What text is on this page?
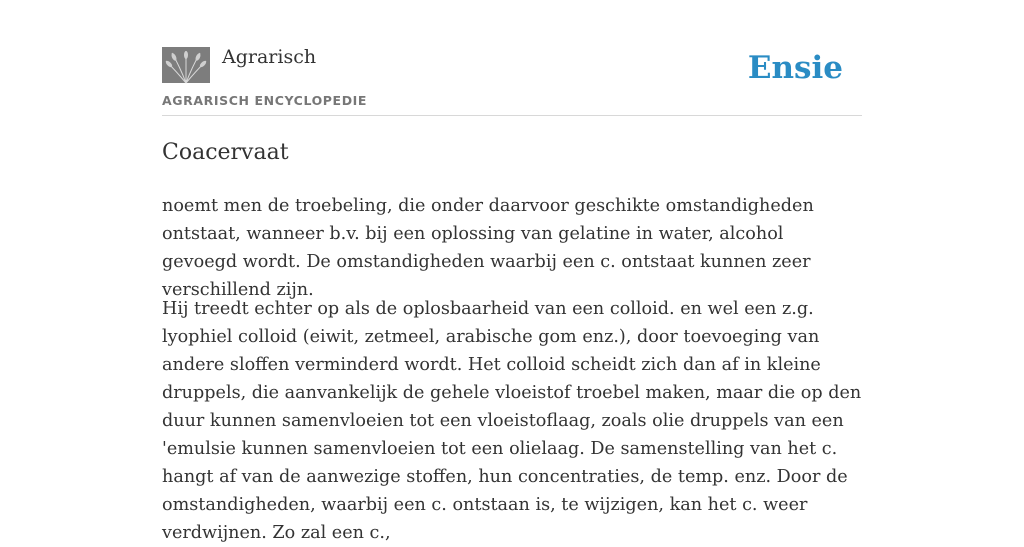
Agrarisch
AGRARISCH ENCYCLOPEDIE
Ensie
Coacervaat

noemt men de troebeling, die onder daarvoor geschikte omstandigheden ontstaat, wanneer b.v. bij een oplossing van gelatine in water, alcohol gevoegd wordt. De omstandigheden waarbij een c. ontstaat kunnen zeer verschillend zijn.

Hij treedt echter op als de oplosbaarheid van een colloid. en wel een z.g. lyophiel colloid (eiwit, zetmeel, arabische gom enz.), door toevoeging van andere sloffen verminderd wordt. Het colloid scheidt zich dan af in kleine druppels, die aanvankelijk de gehele vloeistof troebel maken, maar die op den duur kunnen samenvloeien tot een vloeistoflaag, zoals olie druppels van een 'emulsie kunnen samenvloeien tot een olielaag. De samenstelling van het c. hangt af van de aanwezige stoffen, hun concentraties, de temp. enz. Door de omstandigheden, waarbij een c. ontstaan is, te wijzigen, kan het c. weer verdwijnen. Zo zal een c.,
